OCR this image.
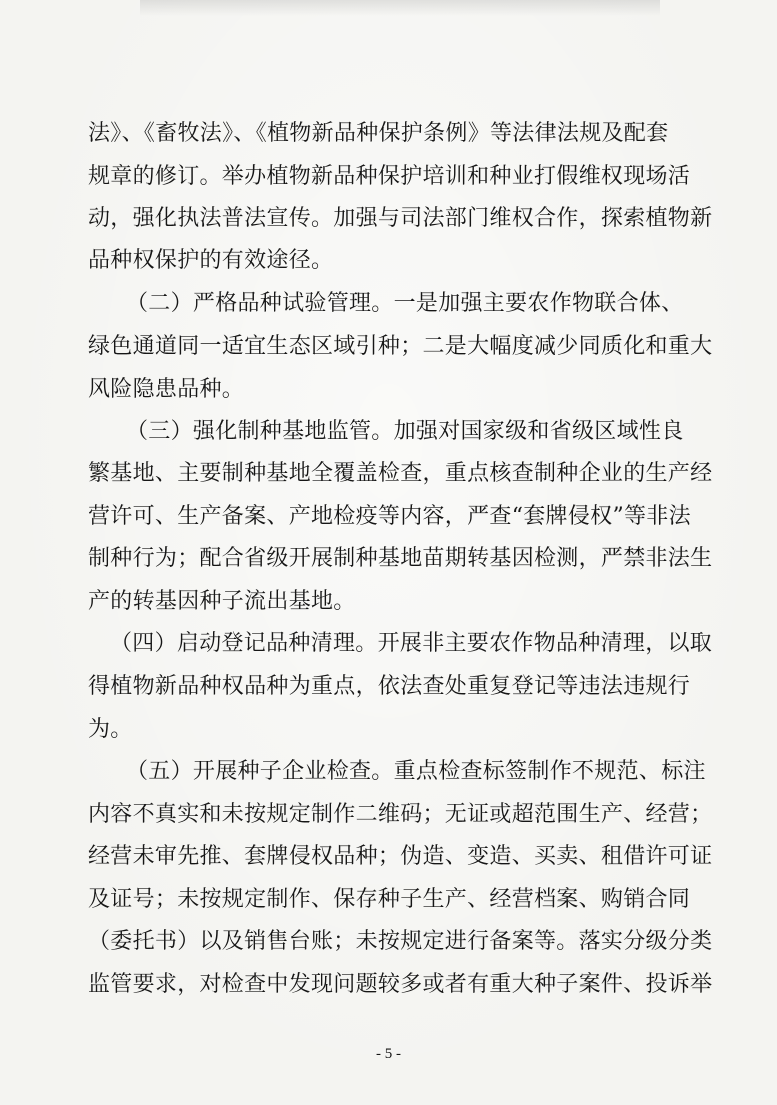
法》、《畜牧法》、《植物新品种保护条例》等法律法规及配套
规章的修订。举办植物新品种保护培训和种业打假维权现场活
动，强化执法普法宣传。加强与司法部门维权合作，探索植物新
品种权保护的有效途径。
（二）严格品种试验管理。一是加强主要农作物联合体、
绿色通道同一适宜生态区域引种；二是大幅度减少同质化和重大
风险隐患品种。
（三）强化制种基地监管。加强对国家级和省级区域性良
繁基地、主要制种基地全覆盖检查，重点核查制种企业的生产经
营许可、生产备案、产地检疫等内容，严查“套牌侵权”等非法
制种行为；配合省级开展制种基地苗期转基因检测，严禁非法生
产的转基因种子流出基地。
（四）启动登记品种清理。开展非主要农作物品种清理，以取
得植物新品种权品种为重点，依法查处重复登记等违法违规行
为。
（五）开展种子企业检查。重点检查标签制作不规范、标注
内容不真实和未按规定制作二维码；无证或超范围生产、经营；
经营未审先推、套牌侵权品种；伪造、变造、买卖、租借许可证
及证号；未按规定制作、保存种子生产、经营档案、购销合同
（委托书）以及销售台账；未按规定进行备案等。落实分级分类
监管要求，对检查中发现问题较多或者有重大种子案件、投诉举
- 5 -
